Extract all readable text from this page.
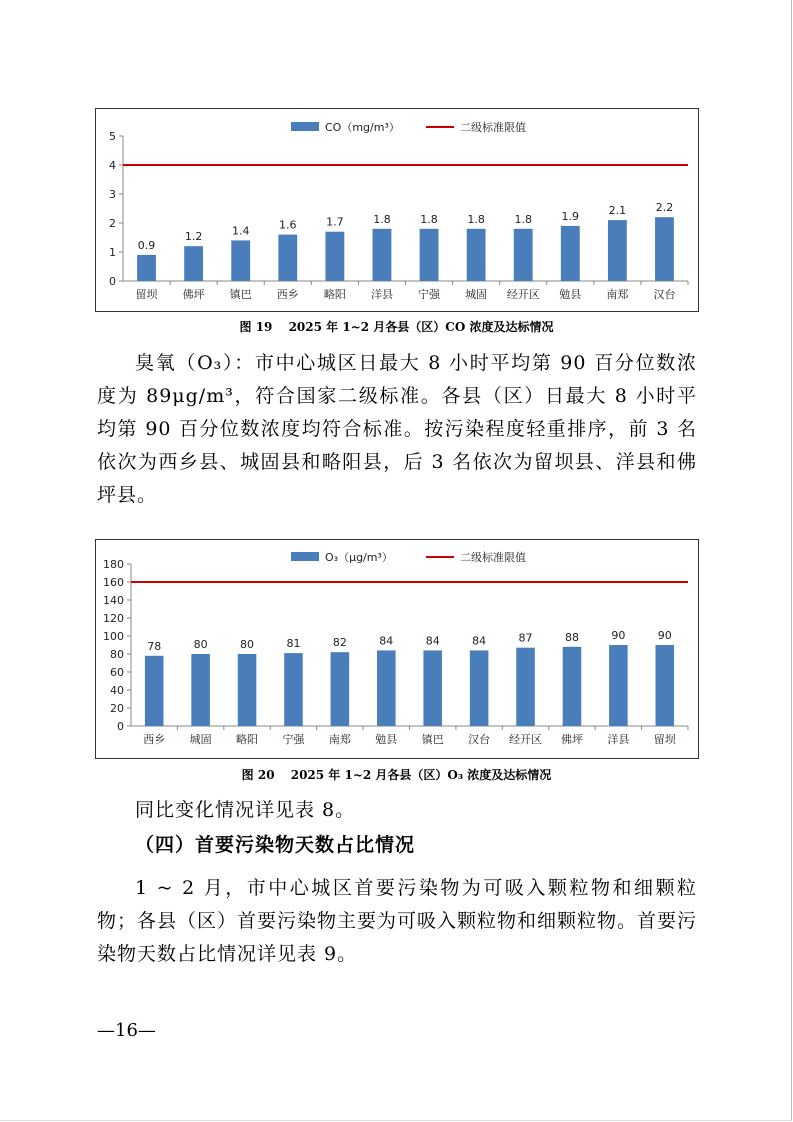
CO（mg/m³）	二级标准限值
0
1
2
3
4
5
0.9
留坝
1.2
佛坪
1.4
镇巴
1.6
西乡
1.7
略阳
1.8
洋县
1.8
宁强
1.8
城固
1.8
经开区
1.9
勉县
2.1
南郑
2.2
汉台
图 19　 2025 年 1~2 月各县（区）CO 浓度及达标情况

臭氧（O₃）：市中心城区日最大 8 小时平均第 90 百分位数浓度为 89μg/m³，符合国家二级标准。各县（区）日最大 8 小时平均第 90 百分位数浓度均符合标准。按污染程度轻重排序，前 3 名依次为西乡县、城固县和略阳县，后 3 名依次为留坝县、洋县和佛坪县。

O₃（μg/m³）	二级标准限值
0
20
40
60
80
100
120
140
160
180
78
西乡
80
城固
80
略阳
81
宁强
82
南郑
84
勉县
84
镇巴
84
汉台
87
经开区
88
佛坪
90
洋县
90
留坝
图 20　 2025 年 1~2 月各县（区）O₃ 浓度及达标情况

同比变化情况详见表 8。

（四）首要污染物天数占比情况

1 ~ 2 月，市中心城区首要污染物为可吸入颗粒物和细颗粒物；各县（区）首要污染物主要为可吸入颗粒物和细颗粒物。首要污染物天数占比情况详见表 9。

—16—
